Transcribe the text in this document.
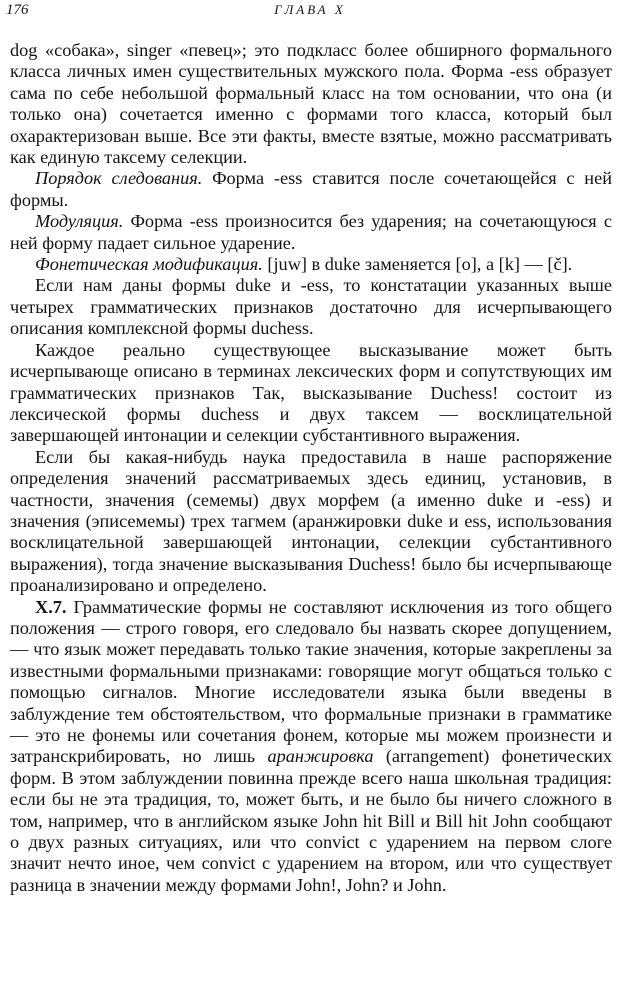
176	ГЛАВА X

dog «собака», singer «певец»; это подкласс более обширного формального класса личных имен существительных мужского пола. Форма -ess образует сама по себе небольшой формальный класс на том основании, что она (и только она) сочетается именно с формами того класса, который был охарактеризован выше. Все эти факты, вместе взятые, можно рассматривать как единую таксему селекции.

Порядок следования. Форма -ess ставится после сочетающейся с ней формы.

Модуляция. Форма -ess произносится без ударения; на сочетающуюся с ней форму падает сильное ударение.

Фонетическая модификация. [juw] в duke заменяется [o], а [k] — [č].

Если нам даны формы duke и -ess, то констатации указанных выше четырех грамматических признаков достаточно для исчерпывающего описания комплексной формы duchess.

Каждое реально существующее высказывание может быть исчерпывающе описано в терминах лексических форм и сопутствующих им грамматических признаков Так, высказывание Duchess! состоит из лексической формы duchess и двух таксем — восклицательной завершающей интонации и селекции субстантивного выражения.

Если бы какая-нибудь наука предоставила в наше распоряжение определения значений рассматриваемых здесь единиц, установив, в частности, значения (семемы) двух морфем (а именно duke и -ess) и значения (эписемемы) трех тагмем (аранжировки duke и ess, использования восклицательной завершающей интонации, селекции субстантивного выражения), тогда значение высказывания Duchess! было бы исчерпывающе проанализировано и определено.

X.7. Грамматические формы не составляют исключения из того общего положения — строго говоря, его следовало бы назвать скорее допущением, — что язык может передавать только такие значения, которые закреплены за известными формальными признаками: говорящие могут общаться только с помощью сигналов. Многие исследователи языка были введены в заблуждение тем обстоятельством, что формальные признаки в грамматике — это не фонемы или сочетания фонем, которые мы можем произнести и затранскрибировать, но лишь аранжировка (arrangement) фонетических форм. В этом заблуждении повинна прежде всего наша школьная традиция: если бы не эта традиция, то, может быть, и не было бы ничего сложного в том, например, что в английском языке John hit Bill и Bill hit John сообщают о двух разных ситуациях, или что convict с ударением на первом слоге значит нечто иное, чем convict с ударением на втором, или что существует разница в значении между формами John!, John? и John.
